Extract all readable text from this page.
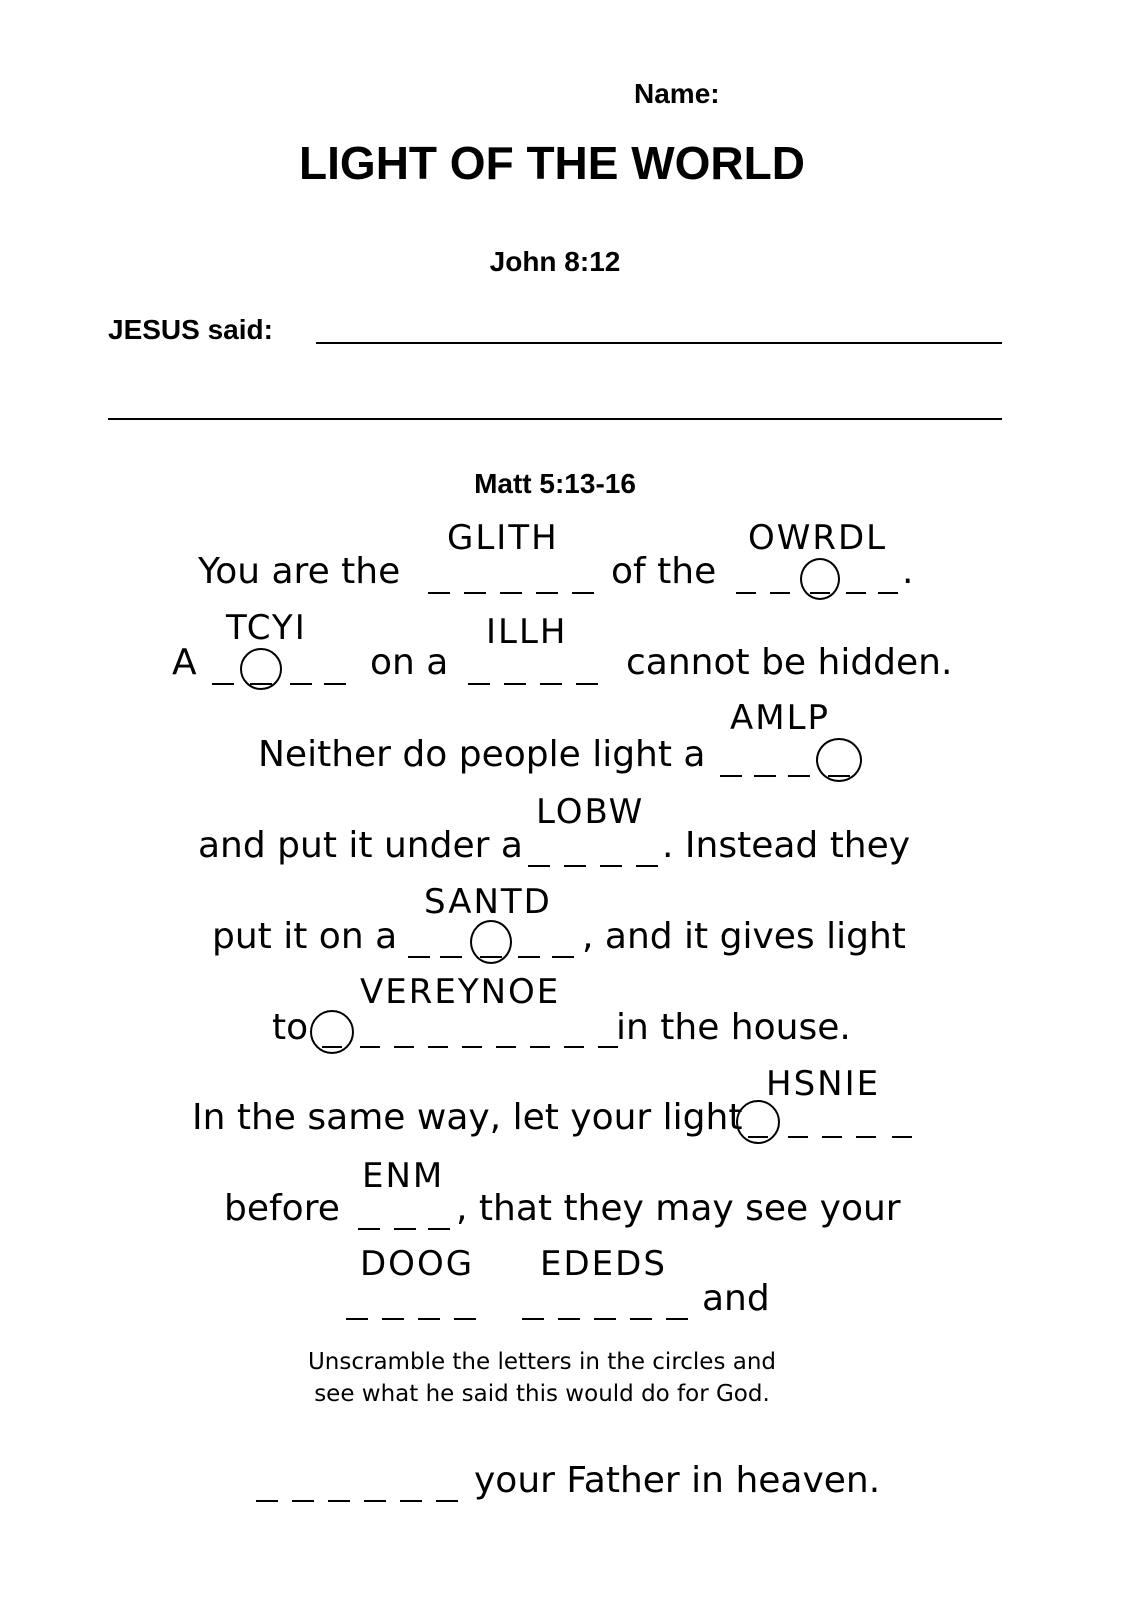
Name:
LIGHT OF THE WORLD
John 8:12
JESUS said:
Matt 5:13-16
GLITH	OWRDL
You are the	of the	.
TCYI	ILLH
A	on a	cannot be hidden.
AMLP
Neither do people light a
LOBW
and put it under a	. Instead they
SANTD
put it on a	, and it gives light
VEREYNOE
to	in the house.
HSNIE
In the same way, let your light
ENM
before	, that they may see your
DOOG EDEDS
and
Unscramble the letters in the circles and
see what he said this would do for God.
your Father in heaven.
